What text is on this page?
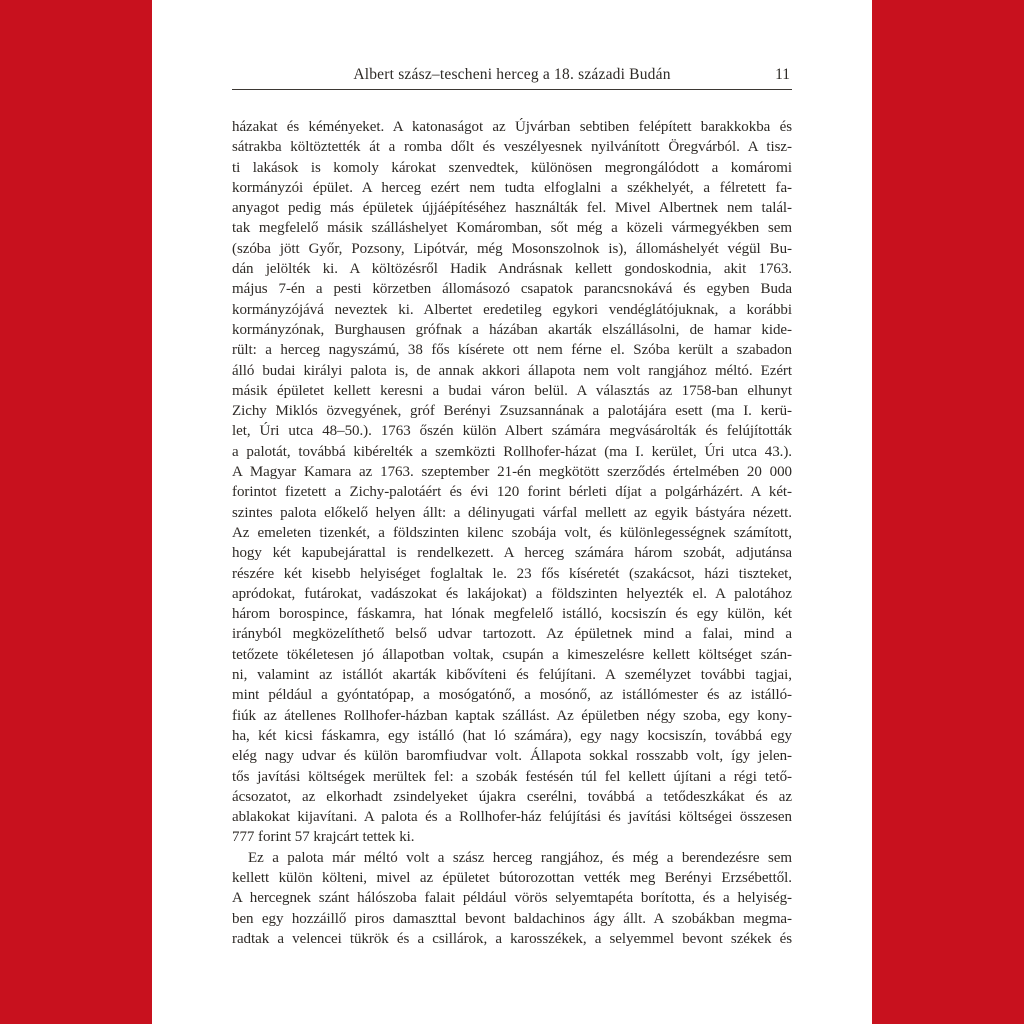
Albert szász–tescheni herceg a 18. századi Budán	11
házakat és kéményeket. A katonaságot az Újvárban sebtiben felépített barakkokba és
sátrakba költöztették át a romba dőlt és veszélyesnek nyilvánított Öregvárból. A tisz-
ti lakások is komoly károkat szenvedtek, különösen megrongálódott a komáromi
kormányzói épület. A herceg ezért nem tudta elfoglalni a székhelyét, a félretett fa-
anyagot pedig más épületek újjáépítéséhez használták fel. Mivel Albertnek nem talál-
tak megfelelő másik szálláshelyet Komáromban, sőt még a közeli vármegyékben sem
(szóba jött Győr, Pozsony, Lipótvár, még Mosonszolnok is), állomáshelyét végül Bu-
dán jelölték ki. A költözésről Hadik Andrásnak kellett gondoskodnia, akit 1763.
május 7-én a pesti körzetben állomásozó csapatok parancsnokává és egyben Buda
kormányzójává neveztek ki. Albertet eredetileg egykori vendéglátójuknak, a korábbi
kormányzónak, Burghausen grófnak a házában akarták elszállásolni, de hamar kide-
rült: a herceg nagyszámú, 38 fős kísérete ott nem férne el. Szóba került a szabadon
álló budai királyi palota is, de annak akkori állapota nem volt rangjához méltó. Ezért
másik épületet kellett keresni a budai váron belül. A választás az 1758-ban elhunyt
Zichy Miklós özvegyének, gróf Berényi Zsuzsannának a palotájára esett (ma I. kerü-
let, Úri utca 48–50.). 1763 őszén külön Albert számára megvásárolták és felújították
a palotát, továbbá kibérelték a szemközti Rollhofer-házat (ma I. kerület, Úri utca 43.).
A Magyar Kamara az 1763. szeptember 21-én megkötött szerződés értelmében 20 000
forintot fizetett a Zichy-palotáért és évi 120 forint bérleti díjat a polgárházért. A két-
szintes palota előkelő helyen állt: a délinyugati várfal mellett az egyik bástyára nézett.
Az emeleten tizenkét, a földszinten kilenc szobája volt, és különlegességnek számított,
hogy két kapubejárattal is rendelkezett. A herceg számára három szobát, adjutánsa
részére két kisebb helyiséget foglaltak le. 23 fős kíséretét (szakácsot, házi tiszteket,
apródokat, futárokat, vadászokat és lakájokat) a földszinten helyezték el. A palotához
három borospince, fáskamra, hat lónak megfelelő istálló, kocsiszín és egy külön, két
irányból megközelíthető belső udvar tartozott. Az épületnek mind a falai, mind a
tetőzete tökéletesen jó állapotban voltak, csupán a kimeszelésre kellett költséget szán-
ni, valamint az istállót akarták kibővíteni és felújítani. A személyzet további tagjai,
mint például a gyóntatópap, a mosógatónő, a mosónő, az istállómester és az istálló-
fiúk az átellenes Rollhofer-házban kaptak szállást. Az épületben négy szoba, egy kony-
ha, két kicsi fáskamra, egy istálló (hat ló számára), egy nagy kocsiszín, továbbá egy
elég nagy udvar és külön baromfiudvar volt. Állapota sokkal rosszabb volt, így jelen-
tős javítási költségek merültek fel: a szobák festésén túl fel kellett újítani a régi tető-
ácsozatot, az elkorhadt zsindelyeket újakra cserélni, továbbá a tetődeszkákat és az
ablakokat kijavítani. A palota és a Rollhofer-ház felújítási és javítási költségei összesen
777 forint 57 krajcárt tettek ki.
Ez a palota már méltó volt a szász herceg rangjához, és még a berendezésre sem
kellett külön költeni, mivel az épületet bútorozottan vették meg Berényi Erzsébettől.
A hercegnek szánt hálószoba falait például vörös selyemtapéta borította, és a helyiség-
ben egy hozzáillő piros damaszttal bevont baldachinos ágy állt. A szobákban megma-
radtak a velencei tükrök és a csillárok, a karosszékek, a selyemmel bevont székek és
